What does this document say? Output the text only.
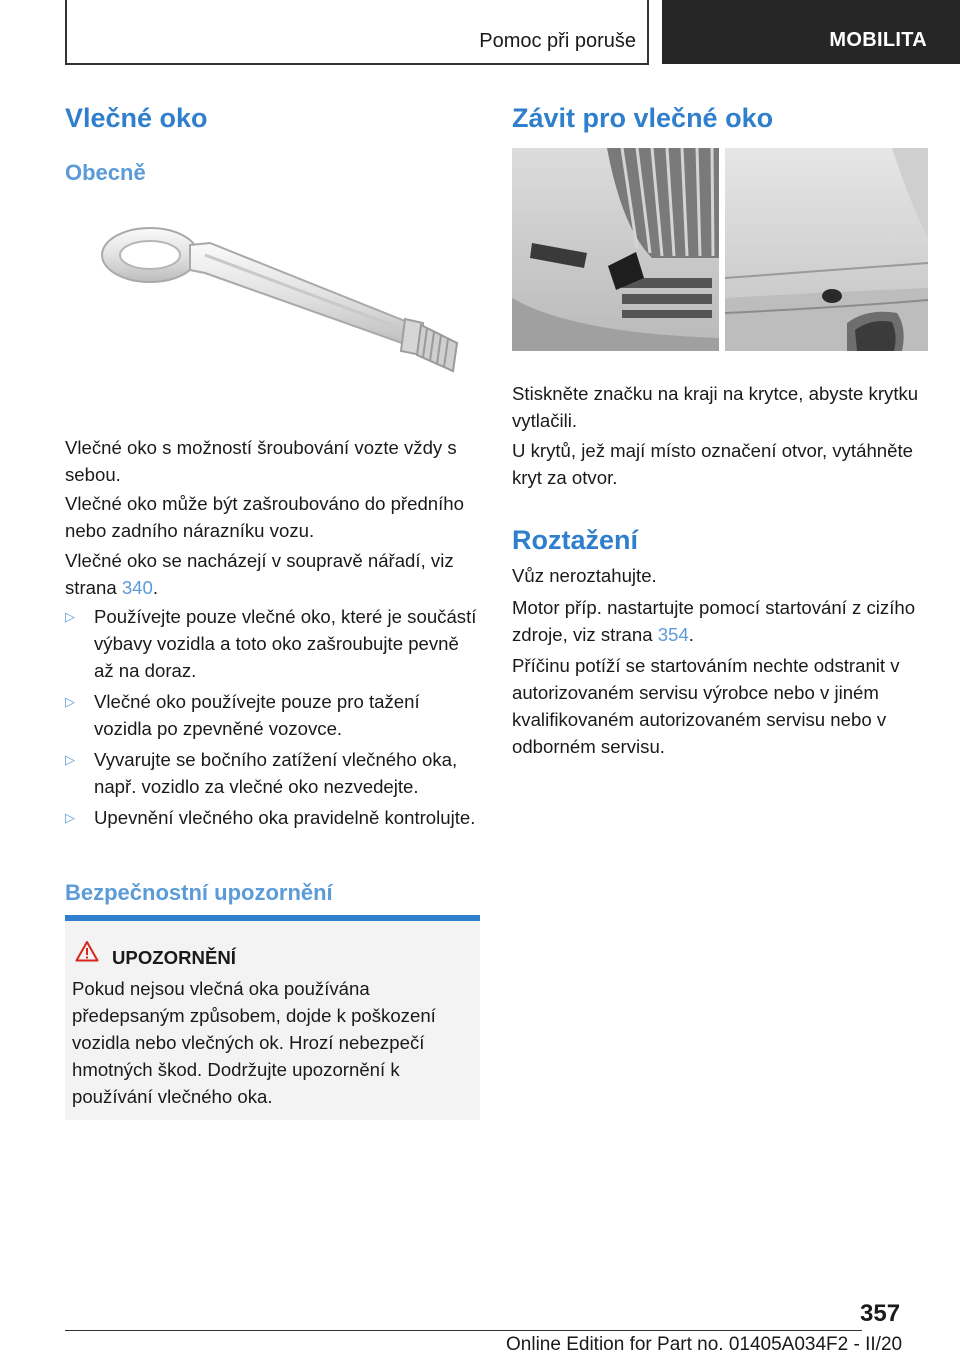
Pomoc při poruše	MOBILITA
Vlečné oko
Obecně

Vlečné oko s možností šroubování vozte vždy s sebou.

Vlečné oko může být zašroubováno do předního nebo zadního nárazníku vozu.

Vlečné oko se nacházejí v soupravě nářadí, viz strana 340.

▷ Používejte pouze vlečné oko, které je součástí výbavy vozidla a toto oko zašroubujte pevně až na doraz.
▷ Vlečné oko používejte pouze pro tažení vozidla po zpevněné vozovce.
▷ Vyvarujte se bočního zatížení vlečného oka, např. vozidlo za vlečné oko nezvedejte.
▷ Upevnění vlečného oka pravidelně kontrolujte.
Bezpečnostní upozornění
UPOZORNĚNÍ
Pokud nejsou vlečná oka používána předepsaným způsobem, dojde k poškození vozidla nebo vlečných ok. Hrozí nebezpečí hmotných škod. Dodržujte upozornění k používání vlečného oka.
Závit pro vlečné oko

Stiskněte značku na kraji na krytce, abyste krytku vytlačili.

U krytů, jež mají místo označení otvor, vytáhněte kryt za otvor.

Roztažení

Vůz neroztahujte.

Motor příp. nastartujte pomocí startování z cizího zdroje, viz strana 354.

Příčinu potíží se startováním nechte odstranit v autorizovaném servisu výrobce nebo v jiném kvalifikovaném autorizovaném servisu nebo v odborném servisu.

357
Online Edition for Part no. 01405A034F2 - II/20
